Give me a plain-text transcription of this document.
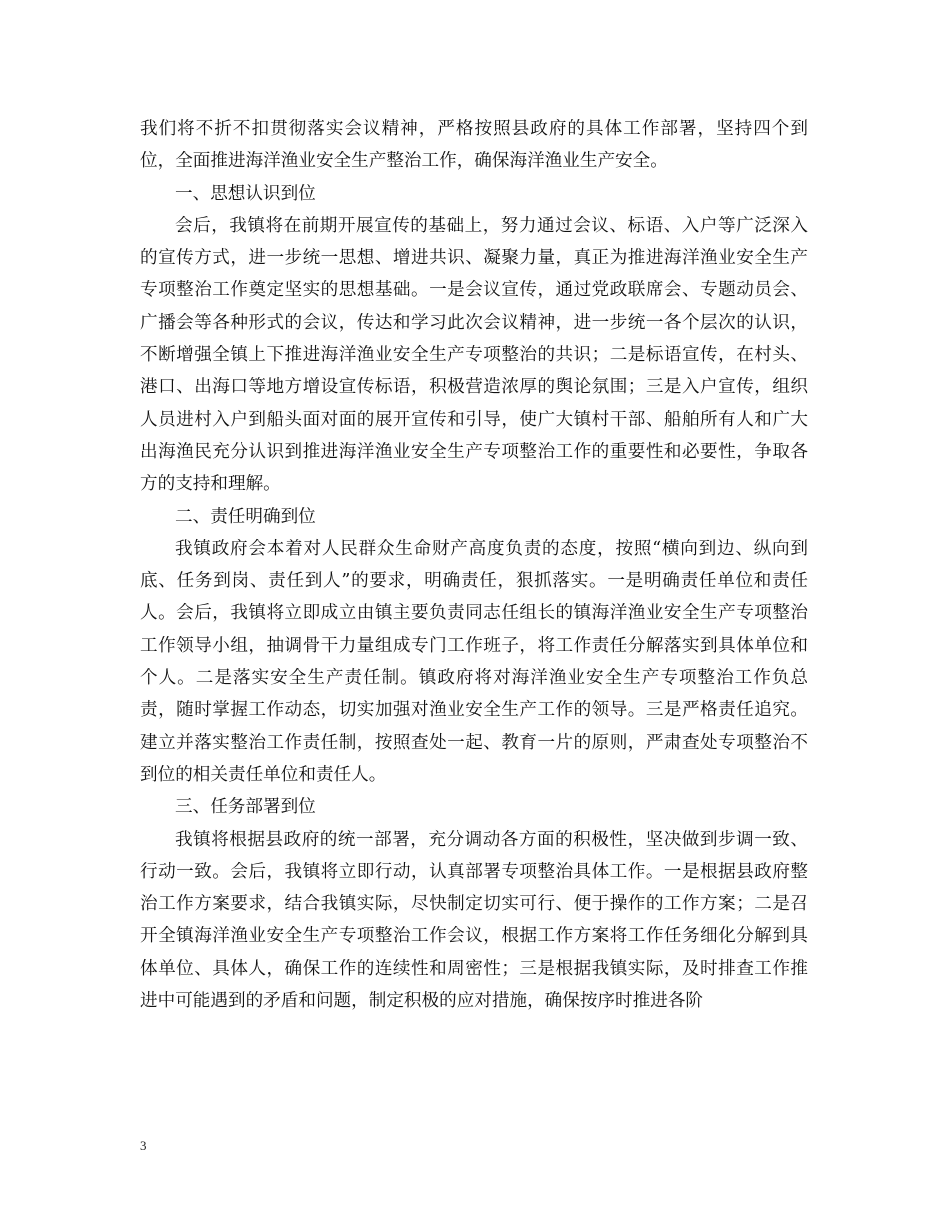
我们将不折不扣贯彻落实会议精神，严格按照县政府的具体工作部署，坚持四个到位，全面推进海洋渔业安全生产整治工作，确保海洋渔业生产安全。

一、思想认识到位

会后，我镇将在前期开展宣传的基础上，努力通过会议、标语、入户等广泛深入的宣传方式，进一步统一思想、增进共识、凝聚力量，真正为推进海洋渔业安全生产专项整治工作奠定坚实的思想基础。一是会议宣传，通过党政联席会、专题动员会、广播会等各种形式的会议，传达和学习此次会议精神，进一步统一各个层次的认识，不断增强全镇上下推进海洋渔业安全生产专项整治的共识；二是标语宣传，在村头、港口、出海口等地方增设宣传标语，积极营造浓厚的舆论氛围；三是入户宣传，组织人员进村入户到船头面对面的展开宣传和引导，使广大镇村干部、船舶所有人和广大出海渔民充分认识到推进海洋渔业安全生产专项整治工作的重要性和必要性，争取各方的支持和理解。

二、责任明确到位

我镇政府会本着对人民群众生命财产高度负责的态度，按照“横向到边、纵向到底、任务到岗、责任到人”的要求，明确责任，狠抓落实。一是明确责任单位和责任人。会后，我镇将立即成立由镇主要负责同志任组长的镇海洋渔业安全生产专项整治工作领导小组，抽调骨干力量组成专门工作班子，将工作责任分解落实到具体单位和个人。二是落实安全生产责任制。镇政府将对海洋渔业安全生产专项整治工作负总责，随时掌握工作动态，切实加强对渔业安全生产工作的领导。三是严格责任追究。建立并落实整治工作责任制，按照查处一起、教育一片的原则，严肃查处专项整治不到位的相关责任单位和责任人。

三、任务部署到位

我镇将根据县政府的统一部署，充分调动各方面的积极性，坚决做到步调一致、行动一致。会后，我镇将立即行动，认真部署专项整治具体工作。一是根据县政府整治工作方案要求，结合我镇实际，尽快制定切实可行、便于操作的工作方案；二是召开全镇海洋渔业安全生产专项整治工作会议，根据工作方案将工作任务细化分解到具体单位、具体人，确保工作的连续性和周密性；三是根据我镇实际，及时排查工作推进中可能遇到的矛盾和问题，制定积极的应对措施，确保按序时推进各阶

3
